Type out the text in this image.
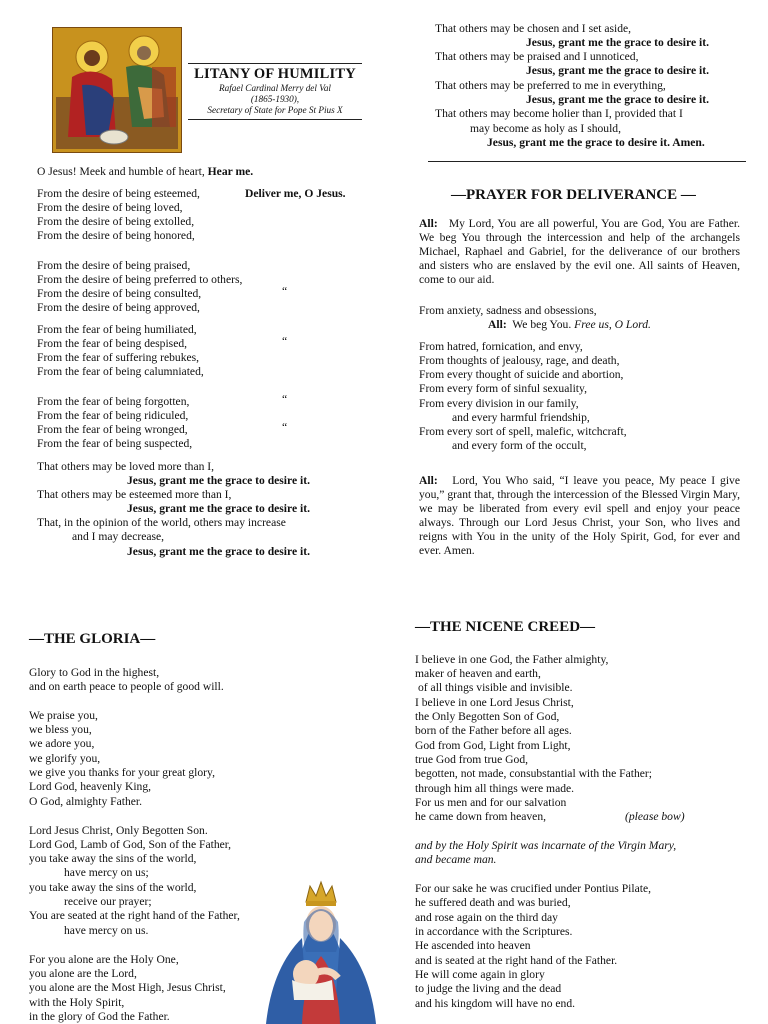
LITANY OF HUMILITY
Rafael Cardinal Merry del Val
(1865-1930),
Secretary of State for Pope St Pius X
O Jesus! Meek and humble of heart, Hear me.
From the desire of being esteemed,	Deliver me, O Jesus.
From the desire of being loved,
From the desire of being extolled,
From the desire of being honored,
From the desire of being praised,
From the desire of being preferred to others,
From the desire of being consulted,	“
From the desire of being approved,
From the fear of being humiliated,
From the fear of being despised,	“
From the fear of suffering rebukes,
From the fear of being calumniated,
From the fear of being forgotten,	“
From the fear of being ridiculed,
From the fear of being wronged,	“
From the fear of being suspected,
That others may be loved more than I,
Jesus, grant me the grace to desire it.
That others may be esteemed more than I,
Jesus, grant me the grace to desire it.
That, in the opinion of the world, others may increase
and I may decrease,
Jesus, grant me the grace to desire it.
That others may be chosen and I set aside,
Jesus, grant me the grace to desire it.
That others may be praised and I unnoticed,
Jesus, grant me the grace to desire it.
That others may be preferred to me in everything,
Jesus, grant me the grace to desire it.
That others may become holier than I, provided that I
may become as holy as I should,
Jesus, grant me the grace to desire it. Amen.
—PRAYER FOR DELIVERANCE —
All: My Lord, You are all powerful, You are God, You are Father. We beg You through the intercession and help of the archangels Michael, Raphael and Gabriel, for the deliverance of our brothers and sisters who are enslaved by the evil one. All saints of Heaven, come to our aid.
From anxiety, sadness and obsessions,
All: We beg You. Free us, O Lord.
From hatred, fornication, and envy,
From thoughts of jealousy, rage, and death,
From every thought of suicide and abortion,
From every form of sinful sexuality,
From every division in our family,
and every harmful friendship,
From every sort of spell, malefic, witchcraft,
and every form of the occult,
All: Lord, You Who said, “I leave you peace, My peace I give you,” grant that, through the intercession of the Blessed Virgin Mary, we may be liberated from every evil spell and enjoy your peace always. Through our Lord Jesus Christ, your Son, who lives and reigns with You in the unity of the Holy Spirit, God, for ever and ever. Amen.
—THE GLORIA—
Glory to God in the highest,
and on earth peace to people of good will.
We praise you,
we bless you,
we adore you,
we glorify you,
we give you thanks for your great glory,
Lord God, heavenly King,
O God, almighty Father.
Lord Jesus Christ, Only Begotten Son.
Lord God, Lamb of God, Son of the Father,
you take away the sins of the world,
have mercy on us;
you take away the sins of the world,
receive our prayer;
You are seated at the right hand of the Father,
have mercy on us.
For you alone are the Holy One,
you alone are the Lord,
you alone are the Most High, Jesus Christ,
with the Holy Spirit,
in the glory of God the Father.
—THE NICENE CREED—
I believe in one God, the Father almighty,
maker of heaven and earth,
of all things visible and invisible.
I believe in one Lord Jesus Christ,
the Only Begotten Son of God,
born of the Father before all ages.
God from God, Light from Light,
true God from true God,
begotten, not made, consubstantial with the Father;
through him all things were made.
For us men and for our salvation
he came down from heaven,	(please bow)
and by the Holy Spirit was incarnate of the Virgin Mary,
and became man.
For our sake he was crucified under Pontius Pilate,
he suffered death and was buried,
and rose again on the third day
in accordance with the Scriptures.
He ascended into heaven
and is seated at the right hand of the Father.
He will come again in glory
to judge the living and the dead
and his kingdom will have no end.
